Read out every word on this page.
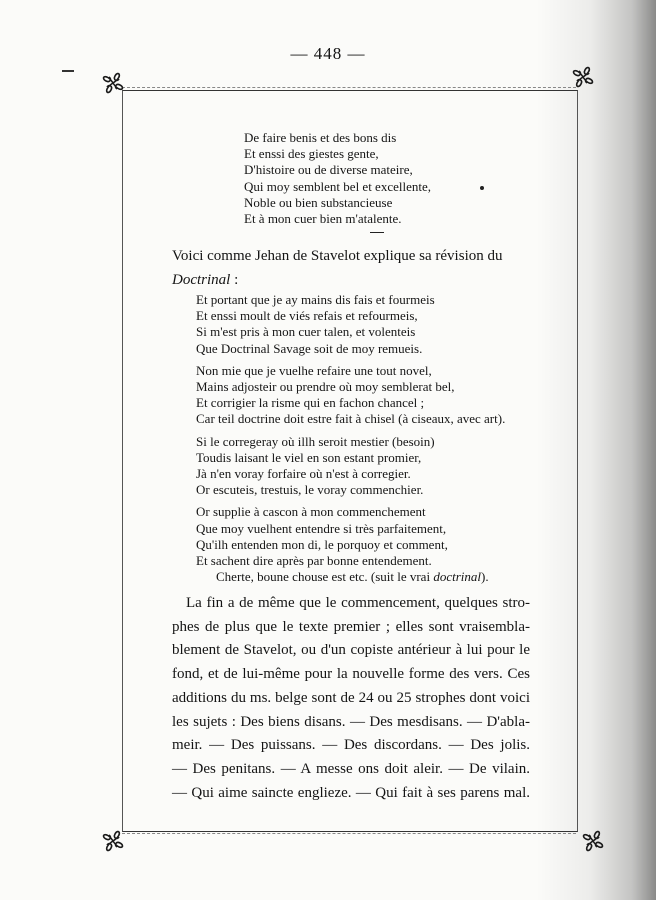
— 448 —
De faire benis et des bons dis
Et enssi des giestes gente,
D'histoire ou de diverse mateire,
Qui moy semblent bel et excellente,
Noble ou bien substancieuse
Et à mon cuer bien m'atalente.
Voici comme Jehan de Stavelot explique sa révision du
Doctrinal :
Et portant que je ay mains dis fais et fourmeis
Et enssi moult de viés refais et refourmeis,
Si m'est pris à mon cuer talen, et volenteis
Que Doctrinal Savage soit de moy remueis.
Non mie que je vuelhe refaire une tout novel,
Mains adjosteir ou prendre où moy semblerat bel,
Et corrigier la risme qui en fachon chancel ;
Car teil doctrine doit estre fait à chisel (à ciseaux, avec art).
Si le corregeray où illh seroit mestier (besoin)
Toudis laisant le viel en son estant promier,
Jà n'en voray forfaire où n'est à corregier.
Or escuteis, trestuis, le voray commenchier.
Or supplie à cascon à mon commenchement
Que moy vuelhent entendre si très parfaitement,
Qu'ilh entenden mon di, le porquoy et comment,
Et sachent dire après par bonne entendement.
Cherte, boune chouse est etc. (suit le vrai doctrinal).
La fin a de même que le commencement, quelques stro-
phes de plus que le texte premier ; elles sont vraisembla-
blement de Stavelot, ou d'un copiste antérieur à lui pour le
fond, et de lui-même pour la nouvelle forme des vers. Ces
additions du ms. belge sont de 24 ou 25 strophes dont voici
les sujets : Des biens disans. — Des mesdisans. — D'abla-
meir. — Des puissans. — Des discordans. — Des jolis.
— Des penitans. — A messe ons doit aleir. — De vilain.
— Qui aime saincte englieze. — Qui fait à ses parens mal.
